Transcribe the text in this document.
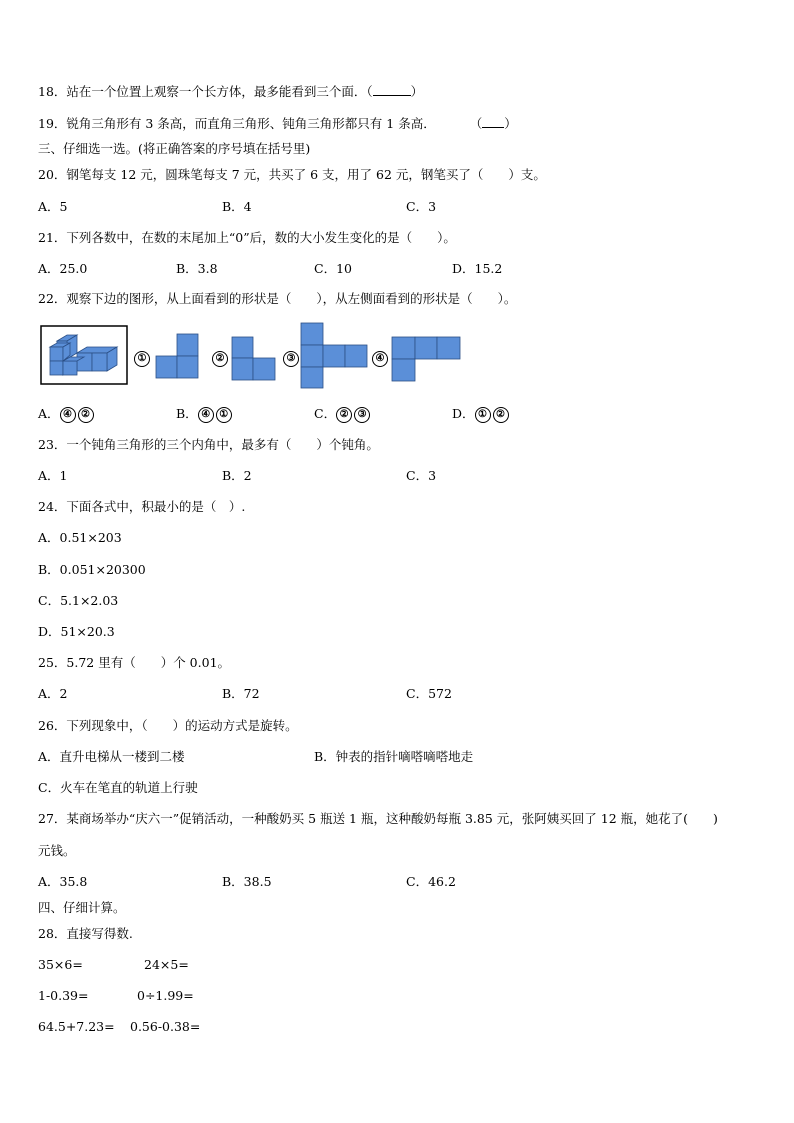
18．站在一个位置上观察一个长方体，最多能看到三个面．（	）
19．锐角三角形有 3 条高，而直角三角形、钝角三角形都只有 1 条高．	（ ）
三、仔细选一选。(将正确答案的序号填在括号里)
20．钢笔每支 12 元，圆珠笔每支 7 元，共买了 6 支，用了 62 元，钢笔买了（　　）支。
A．5	B．4	C．3
21．下列各数中，在数的末尾加上“0”后，数的大小发生变化的是（　　）。
A．25.0	B．3.8	C．10	D．15.2
22．观察下边的图形，从上面看到的形状是（　　），从左侧面看到的形状是（　　）。
①	②	③	④
A． ④ ②	B． ④ ①	C． ② ③	D． ① ②
23．一个钝角三角形的三个内角中，最多有（　　）个钝角。
A．1	B．2	C．3
24．下面各式中，积最小的是（　）.
A．0.51×203
B．0.051×20300
C．5.1×2.03
D．51×20.3
25．5.72 里有（　　）个 0.01。
A．2	B．72	C．572
26．下列现象中，（　　）的运动方式是旋转。
A．直升电梯从一楼到二楼	B．钟表的指针嘀嗒嘀嗒地走
C．火车在笔直的轨道上行驶
27．某商场举办“庆六一”促销活动，一种酸奶买 5 瓶送 1 瓶，这种酸奶每瓶 3.85 元，张阿姨买回了 12 瓶，她花了(　　)
元钱。
A．35.8	B．38.5	C．46.2
四、仔细计算。
28．直接写得数.
35×6=	24×5=
1-0.39=	0÷1.99=
64.5+7.23= 0.56-0.38=
